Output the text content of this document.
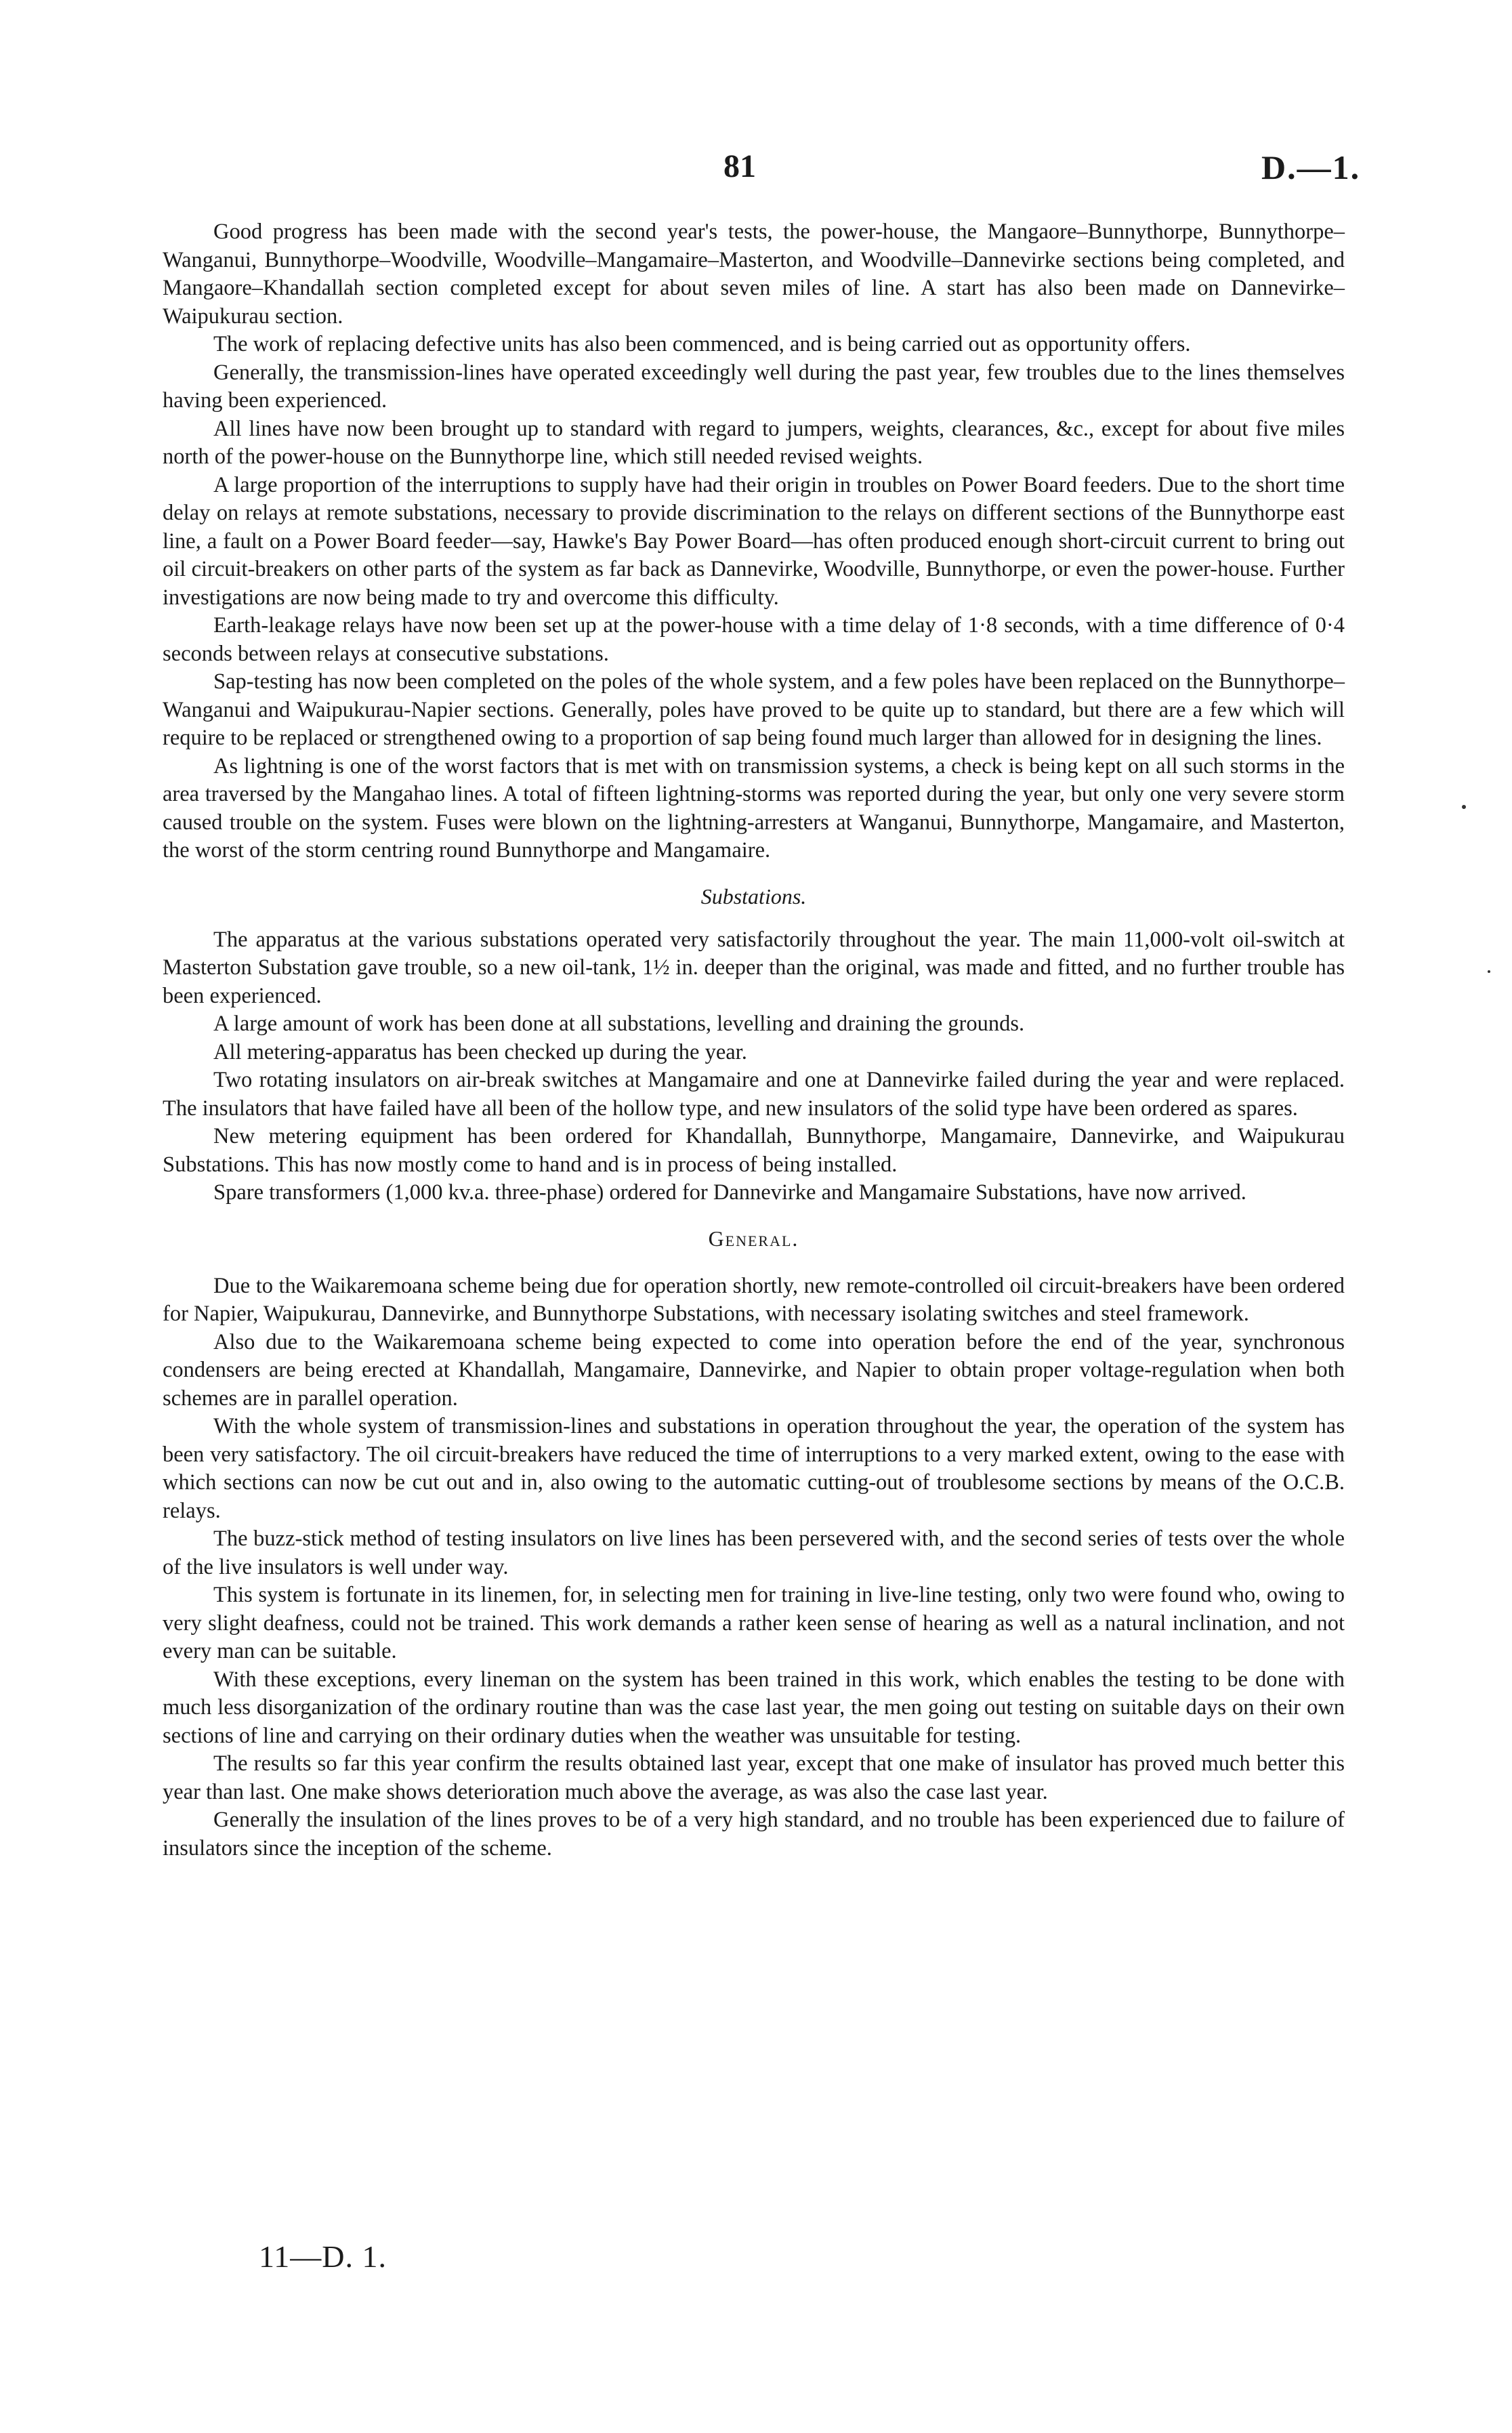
81	D.—1.

Good progress has been made with the second year's tests, the power-house, the Mangaore–Bunnythorpe, Bunnythorpe–Wanganui, Bunnythorpe–Woodville, Woodville–Mangamaire–Masterton, and Woodville–Dannevirke sections being completed, and Mangaore–Khandallah section completed except for about seven miles of line. A start has also been made on Dannevirke–Waipukurau section.

The work of replacing defective units has also been commenced, and is being carried out as opportunity offers.

Generally, the transmission-lines have operated exceedingly well during the past year, few troubles due to the lines themselves having been experienced.

All lines have now been brought up to standard with regard to jumpers, weights, clearances, &c., except for about five miles north of the power-house on the Bunnythorpe line, which still needed revised weights.

A large proportion of the interruptions to supply have had their origin in troubles on Power Board feeders. Due to the short time delay on relays at remote substations, necessary to provide discrimination to the relays on different sections of the Bunnythorpe east line, a fault on a Power Board feeder—say, Hawke's Bay Power Board—has often produced enough short-circuit current to bring out oil circuit-breakers on other parts of the system as far back as Dannevirke, Woodville, Bunnythorpe, or even the power-house. Further investigations are now being made to try and overcome this difficulty.

Earth-leakage relays have now been set up at the power-house with a time delay of 1·8 seconds, with a time difference of 0·4 seconds between relays at consecutive substations.

Sap-testing has now been completed on the poles of the whole system, and a few poles have been replaced on the Bunnythorpe–Wanganui and Waipukurau-Napier sections. Generally, poles have proved to be quite up to standard, but there are a few which will require to be replaced or strengthened owing to a proportion of sap being found much larger than allowed for in designing the lines.

As lightning is one of the worst factors that is met with on transmission systems, a check is being kept on all such storms in the area traversed by the Mangahao lines. A total of fifteen lightning-storms was reported during the year, but only one very severe storm caused trouble on the system. Fuses were blown on the lightning-arresters at Wanganui, Bunnythorpe, Mangamaire, and Masterton, the worst of the storm centring round Bunnythorpe and Mangamaire.

Substations.

The apparatus at the various substations operated very satisfactorily throughout the year. The main 11,000-volt oil-switch at Masterton Substation gave trouble, so a new oil-tank, 1½ in. deeper than the original, was made and fitted, and no further trouble has been experienced.

A large amount of work has been done at all substations, levelling and draining the grounds.

All metering-apparatus has been checked up during the year.

Two rotating insulators on air-break switches at Mangamaire and one at Dannevirke failed during the year and were replaced. The insulators that have failed have all been of the hollow type, and new insulators of the solid type have been ordered as spares.

New metering equipment has been ordered for Khandallah, Bunnythorpe, Mangamaire, Dannevirke, and Waipukurau Substations. This has now mostly come to hand and is in process of being installed.

Spare transformers (1,000 kv.a. three-phase) ordered for Dannevirke and Mangamaire Substations, have now arrived.

General.

Due to the Waikaremoana scheme being due for operation shortly, new remote-controlled oil circuit-breakers have been ordered for Napier, Waipukurau, Dannevirke, and Bunnythorpe Substations, with necessary isolating switches and steel framework.

Also due to the Waikaremoana scheme being expected to come into operation before the end of the year, synchronous condensers are being erected at Khandallah, Mangamaire, Dannevirke, and Napier to obtain proper voltage-regulation when both schemes are in parallel operation.

With the whole system of transmission-lines and substations in operation throughout the year, the operation of the system has been very satisfactory. The oil circuit-breakers have reduced the time of interruptions to a very marked extent, owing to the ease with which sections can now be cut out and in, also owing to the automatic cutting-out of troublesome sections by means of the O.C.B. relays.

The buzz-stick method of testing insulators on live lines has been persevered with, and the second series of tests over the whole of the live insulators is well under way.

This system is fortunate in its linemen, for, in selecting men for training in live-line testing, only two were found who, owing to very slight deafness, could not be trained. This work demands a rather keen sense of hearing as well as a natural inclination, and not every man can be suitable.

With these exceptions, every lineman on the system has been trained in this work, which enables the testing to be done with much less disorganization of the ordinary routine than was the case last year, the men going out testing on suitable days on their own sections of line and carrying on their ordinary duties when the weather was unsuitable for testing.

The results so far this year confirm the results obtained last year, except that one make of insulator has proved much better this year than last. One make shows deterioration much above the average, as was also the case last year.

Generally the insulation of the lines proves to be of a very high standard, and no trouble has been experienced due to failure of insulators since the inception of the scheme.

11—D. 1.
